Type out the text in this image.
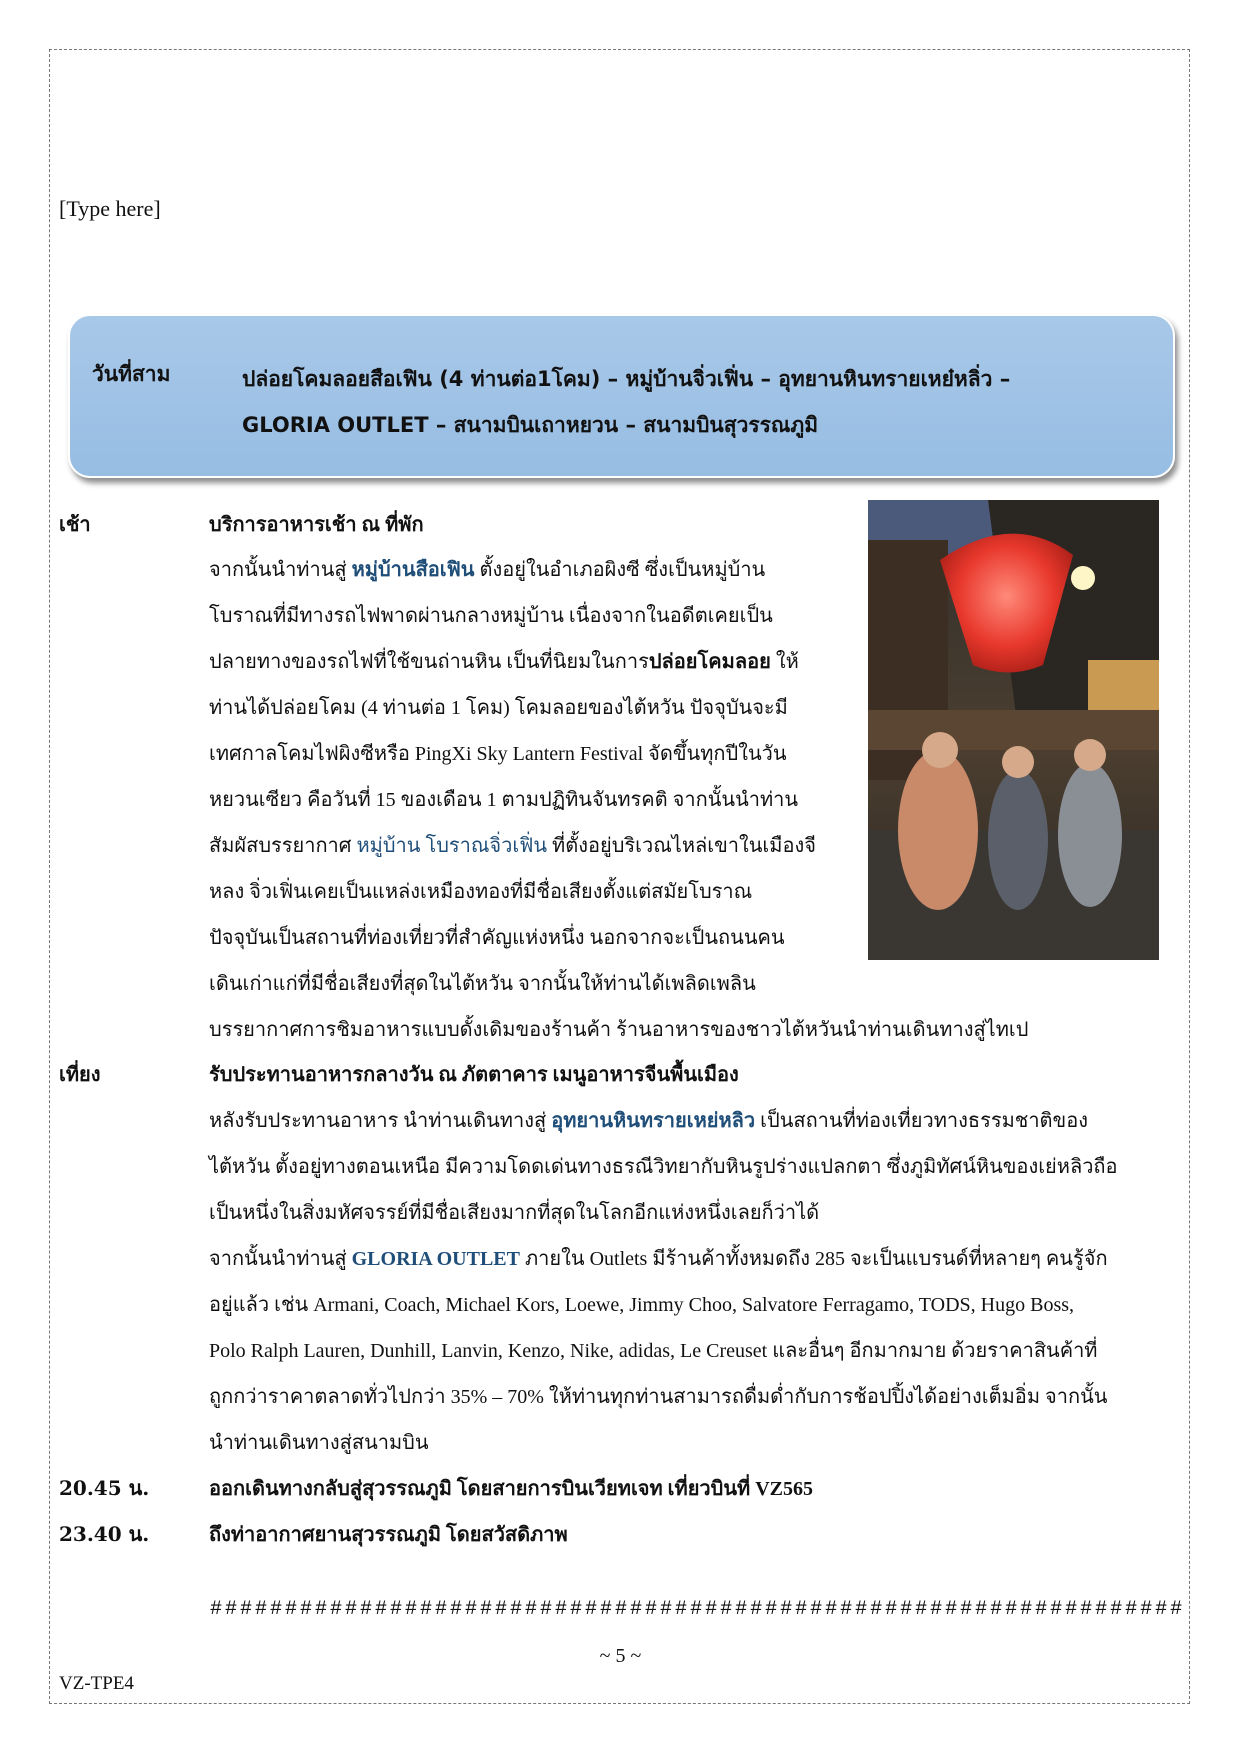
[Type here]
วันที่สาม	ปล่อยโคมลอยสือเฟิน (4 ท่านต่อ1โคม) – หมู่บ้านจิ่วเฟิ่น – อุทยานหินทรายเหย๋หลิ่ว –
GLORIA OUTLET – สนามบินเถาหยวน – สนามบินสุวรรณภูมิ
เช้า	บริการอาหารเช้า ณ ที่พัก
จากนั้นนำท่านสู่ หมู่บ้านสือเฟิน ตั้งอยู่ในอำเภอผิงซี ซึ่งเป็นหมู่บ้าน
โบราณที่มีทางรถไฟพาดผ่านกลางหมู่บ้าน เนื่องจากในอดีตเคยเป็น
ปลายทางของรถไฟที่ใช้ขนถ่านหิน เป็นที่นิยมในการปล่อยโคมลอย ให้
ท่านได้ปล่อยโคม (4 ท่านต่อ 1 โคม) โคมลอยของไต้หวัน ปัจจุบันจะมี
เทศกาลโคมไฟผิงซีหรือ PingXi Sky Lantern Festival จัดขึ้นทุกปีในวัน
หยวนเซียว คือวันที่ 15 ของเดือน 1 ตามปฏิทินจันทรคติ จากนั้นนำท่าน
สัมผัสบรรยากาศ หมู่บ้าน โบราณจิ่วเฟิ่น ที่ตั้งอยู่บริเวณไหล่เขาในเมืองจี
หลง จิ่วเฟิ่นเคยเป็นแหล่งเหมืองทองที่มีชื่อเสียงตั้งแต่สมัยโบราณ
ปัจจุบันเป็นสถานที่ท่องเที่ยวที่สำคัญแห่งหนึ่ง นอกจากจะเป็นถนนคน
เดินเก่าแก่ที่มีชื่อเสียงที่สุดในไต้หวัน จากนั้นให้ท่านได้เพลิดเพลิน
บรรยากาศการชิมอาหารแบบดั้งเดิมของร้านค้า ร้านอาหารของชาวไต้หวันนำท่านเดินทางสู่ไทเป
เที่ยง	รับประทานอาหารกลางวัน ณ ภัตตาคาร เมนูอาหารจีนพื้นเมือง
หลังรับประทานอาหาร นำท่านเดินทางสู่ อุทยานหินทรายเหย่หลิว เป็นสถานที่ท่องเที่ยวทางธรรมชาติของ
ไต้หวัน ตั้งอยู่ทางตอนเหนือ มีความโดดเด่นทางธรณีวิทยากับหินรูปร่างแปลกตา ซึ่งภูมิทัศน์หินของเย่หลิวถือ
เป็นหนึ่งในสิ่งมหัศจรรย์ที่มีชื่อเสียงมากที่สุดในโลกอีกแห่งหนึ่งเลยก็ว่าได้
จากนั้นนำท่านสู่ GLORIA OUTLET ภายใน Outlets มีร้านค้าทั้งหมดถึง 285 จะเป็นแบรนด์ที่หลายๆ คนรู้จัก
อยู่แล้ว เช่น Armani, Coach, Michael Kors, Loewe, Jimmy Choo, Salvatore Ferragamo, TODS, Hugo Boss,
Polo Ralph Lauren, Dunhill, Lanvin, Kenzo, Nike, adidas, Le Creuset และอื่นๆ อีกมากมาย ด้วยราคาสินค้าที่
ถูกกว่าราคาตลาดทั่วไปกว่า 35% – 70% ให้ท่านทุกท่านสามารถดื่มด่ำกับการช้อปปิ้งได้อย่างเต็มอิ่ม จากนั้น
นำท่านเดินทางสู่สนามบิน
20.45 น.	ออกเดินทางกลับสู่สุวรรณภูมิ โดยสายการบินเวียทเจท เที่ยวบินที่ VZ565
23.40 น.	ถึงท่าอากาศยานสุวรรณภูมิ โดยสวัสดิภาพ
#################################################################
~ 5 ~
VZ-TPE4
